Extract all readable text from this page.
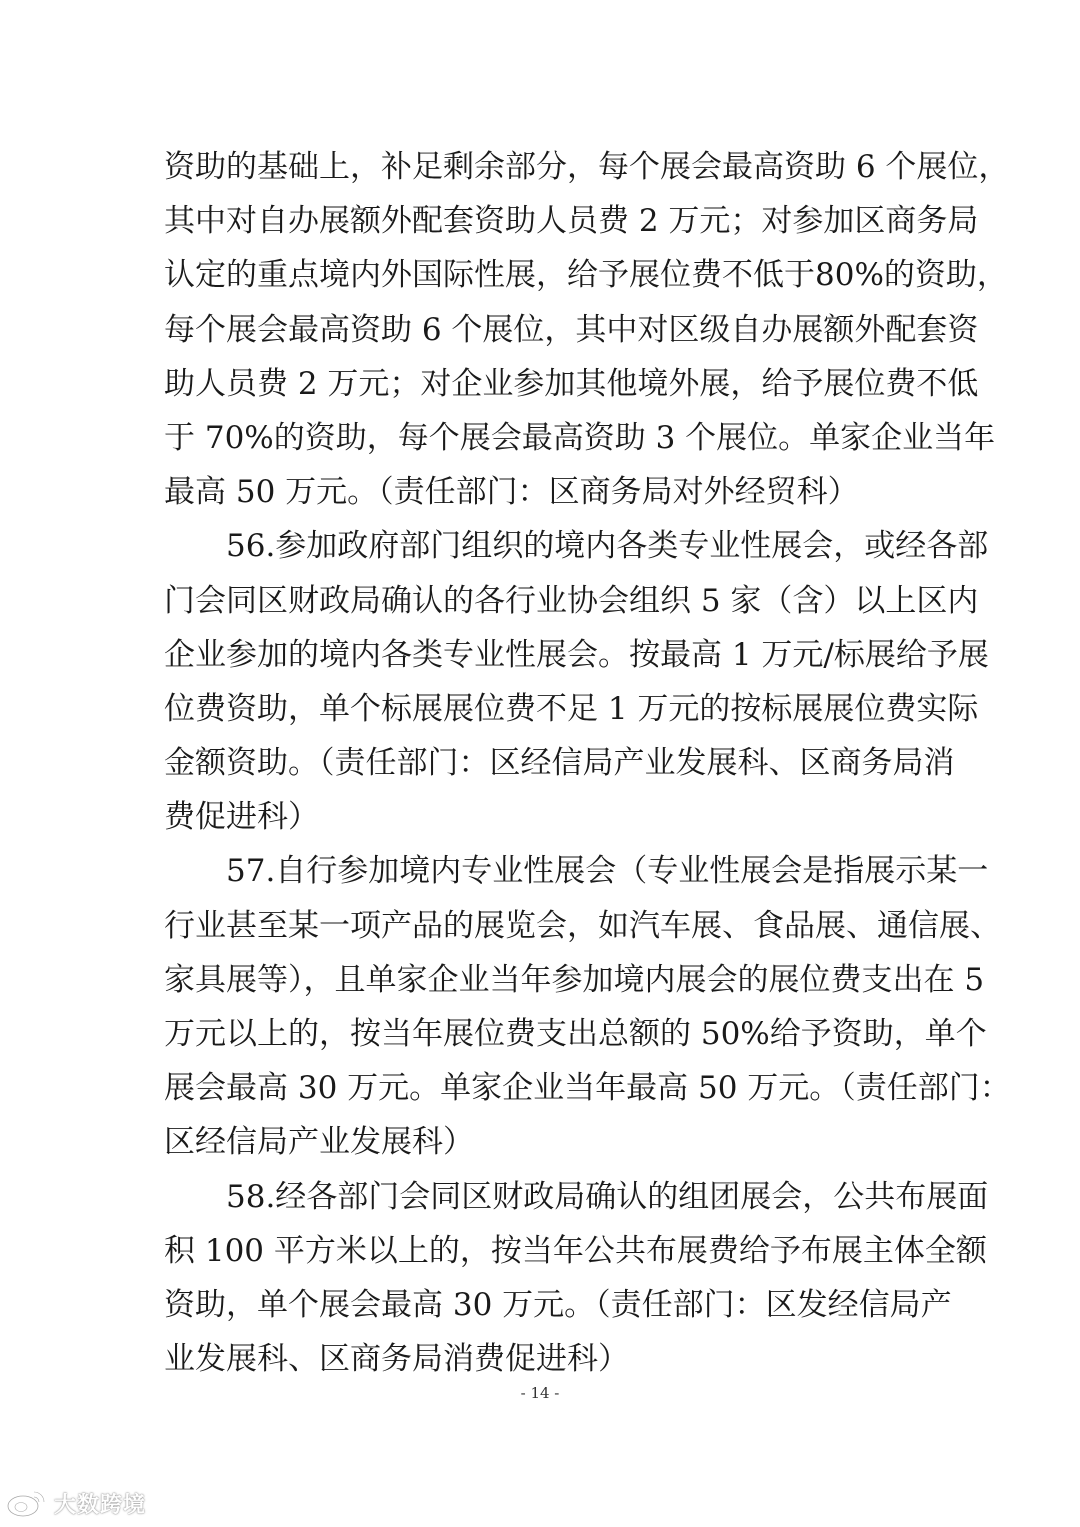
资助的基础上，补足剩余部分，每个展会最高资助 6 个展位，
其中对自办展额外配套资助人员费 2 万元；对参加区商务局
认定的重点境内外国际性展，给予展位费不低于80%的资助，
每个展会最高资助 6 个展位，其中对区级自办展额外配套资
助人员费 2 万元；对企业参加其他境外展，给予展位费不低
于 70%的资助，每个展会最高资助 3 个展位。单家企业当年
最高 50 万元。（责任部门：区商务局对外经贸科）
56.参加政府部门组织的境内各类专业性展会，或经各部
门会同区财政局确认的各行业协会组织 5 家（含）以上区内
企业参加的境内各类专业性展会。按最高 1 万元/标展给予展
位费资助，单个标展展位费不足 1 万元的按标展展位费实际
金额资助。（责任部门：区经信局产业发展科、区商务局消
费促进科）
57.自行参加境内专业性展会（专业性展会是指展示某一
行业甚至某一项产品的展览会，如汽车展、食品展、通信展、
家具展等），且单家企业当年参加境内展会的展位费支出在 5
万元以上的，按当年展位费支出总额的 50%给予资助，单个
展会最高 30 万元。单家企业当年最高 50 万元。（责任部门：
区经信局产业发展科）
58.经各部门会同区财政局确认的组团展会，公共布展面
积 100 平方米以上的，按当年公共布展费给予布展主体全额
资助，单个展会最高 30 万元。（责任部门：区发经信局产
业发展科、区商务局消费促进科）
- 14 -
大数跨境
